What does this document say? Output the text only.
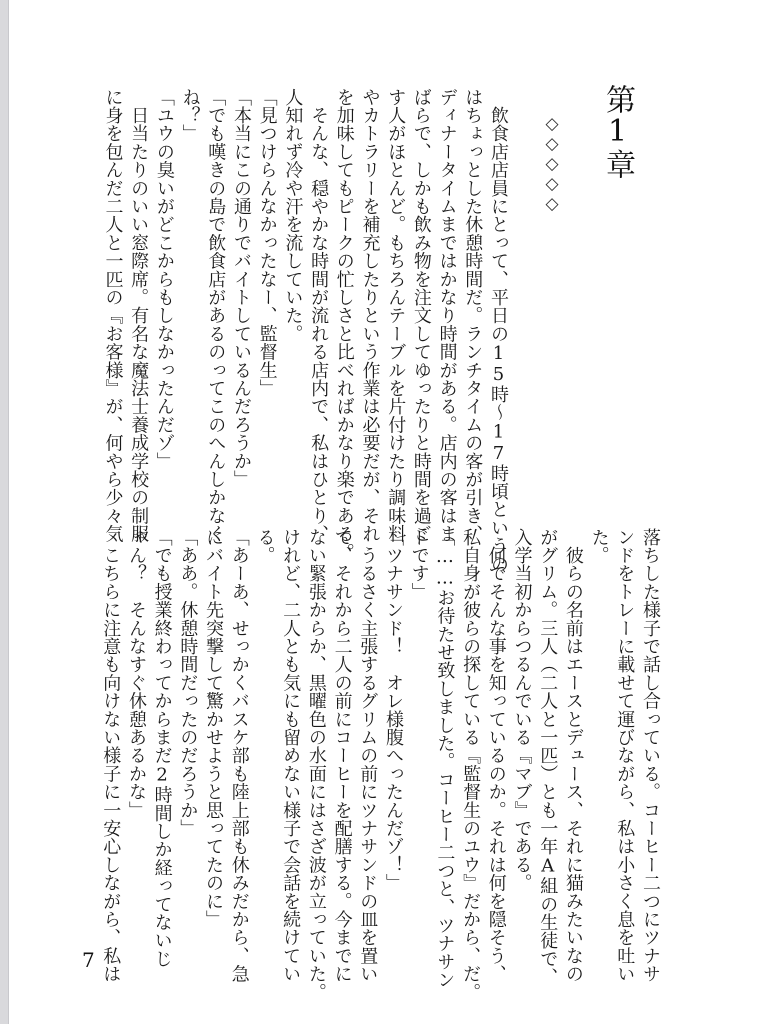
第1章
◇◇◇◇◇
　飲食店店員にとって、平日の15時～17時頃というの
はちょっとした休憩時間だ。ランチタイムの客が引き、
ディナータイムまではかなり時間がある。店内の客はま
ばらで、しかも飲み物を注文してゆったりと時間を過ご
す人がほとんど。もちろんテーブルを片付けたり調味料
やカトラリーを補充したりという作業は必要だが、それ
を加味してもピークの忙しさと比べればかなり楽である。
　そんな、穏やかな時間が流れる店内で、私はひとり、
人知れず冷や汗を流していた。
「見つけらんなかったなー、監督生」
「本当にこの通りでバイトしているんだろうか」
「でも嘆きの島で飲食店があるのってこのへんしかなく
ね？」
「ユウの臭いがどこからもしなかったんだゾ」
　日当たりのいい窓際席。有名な魔法士養成学校の制服
に身を包んだ二人と一匹の『お客様』が、何やら少々気
落ちした様子で話し合っている。コーヒー二つにツナサ
ンドをトレーに載せて運びながら、私は小さく息を吐い
た。
　彼らの名前はエースとデュース、それに猫みたいなの
がグリム。三人（二人と一匹）とも一年A組の生徒で、
入学当初からつるんでいる『マブ』である。
　何でそんな事を知っているのか。それは何を隠そう、
私自身が彼らの探している『監督生のユウ』だから、だ。
「……お待たせ致しました。コーヒー二つと、ツナサン
ドです」
「ツナサンド！　オレ様腹へったんだゾ！」
　うるさく主張するグリムの前にツナサンドの皿を置い
て、それから二人の前にコーヒーを配膳する。今までに
ない緊張からか、黒曜色の水面にはさざ波が立っていた。
けれど、二人とも気にも留めない様子で会話を続けてい
る。
「あーあ、せっかくバスケ部も陸上部も休みだから、急
にバイト先突撃して驚かせようと思ってたのに」
「ああ。休憩時間だったのだろうか」
「でも授業終わってからまだ2時間しか経ってないじ
ゃん？　そんなすぐ休憩あるかな」
　こちらに注意も向けない様子に一安心しながら、私は
7
